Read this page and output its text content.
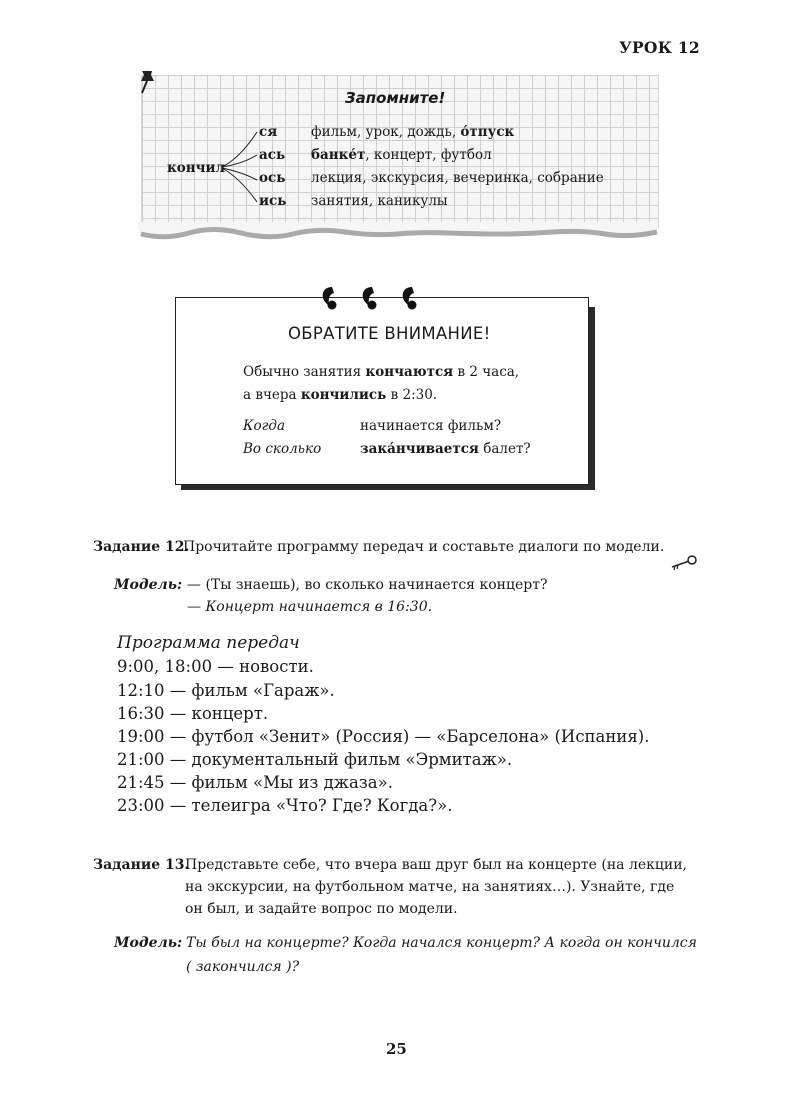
УРОК 12
Запомните!
кончил
ся
ась
ось
ись
фильм, урок, дождь, о́тпуск
банке́т, концерт, футбол
лекция, экскурсия, вечеринка, собрание
занятия, каникулы
ОБРАТИТЕ ВНИМАНИЕ!
Обычно занятия кончаются в 2 часа,
а вчера кончились в 2:30.
Когда	начинается фильм?
Во сколько	зака́нчивается балет?
Задание 12.
Прочитайте программу передач и составьте диалоги по модели.
Модель: — (Ты знаешь), во сколько начинается концерт?
— Концерт начинается в 16:30.
Программа передач
9:00, 18:00 — новости.
12:10 — фильм «Гараж».
16:30 — концерт.
19:00 — футбол «Зенит» (Россия) — «Барселона» (Испания).
21:00 — документальный фильм «Эрмитаж».
21:45 — фильм «Мы из джаза».
23:00 — телеигра «Что? Где? Когда?».
Задание 13.
Представьте себе, что вчера ваш друг был на концерте (на лекции,
на экскурсии, на футбольном матче, на занятиях…). Узнайте, где
он был, и задайте вопрос по модели.
Модель: Ты был на концерте? Когда начался концерт? А когда он кончился
( закончился )?
25
